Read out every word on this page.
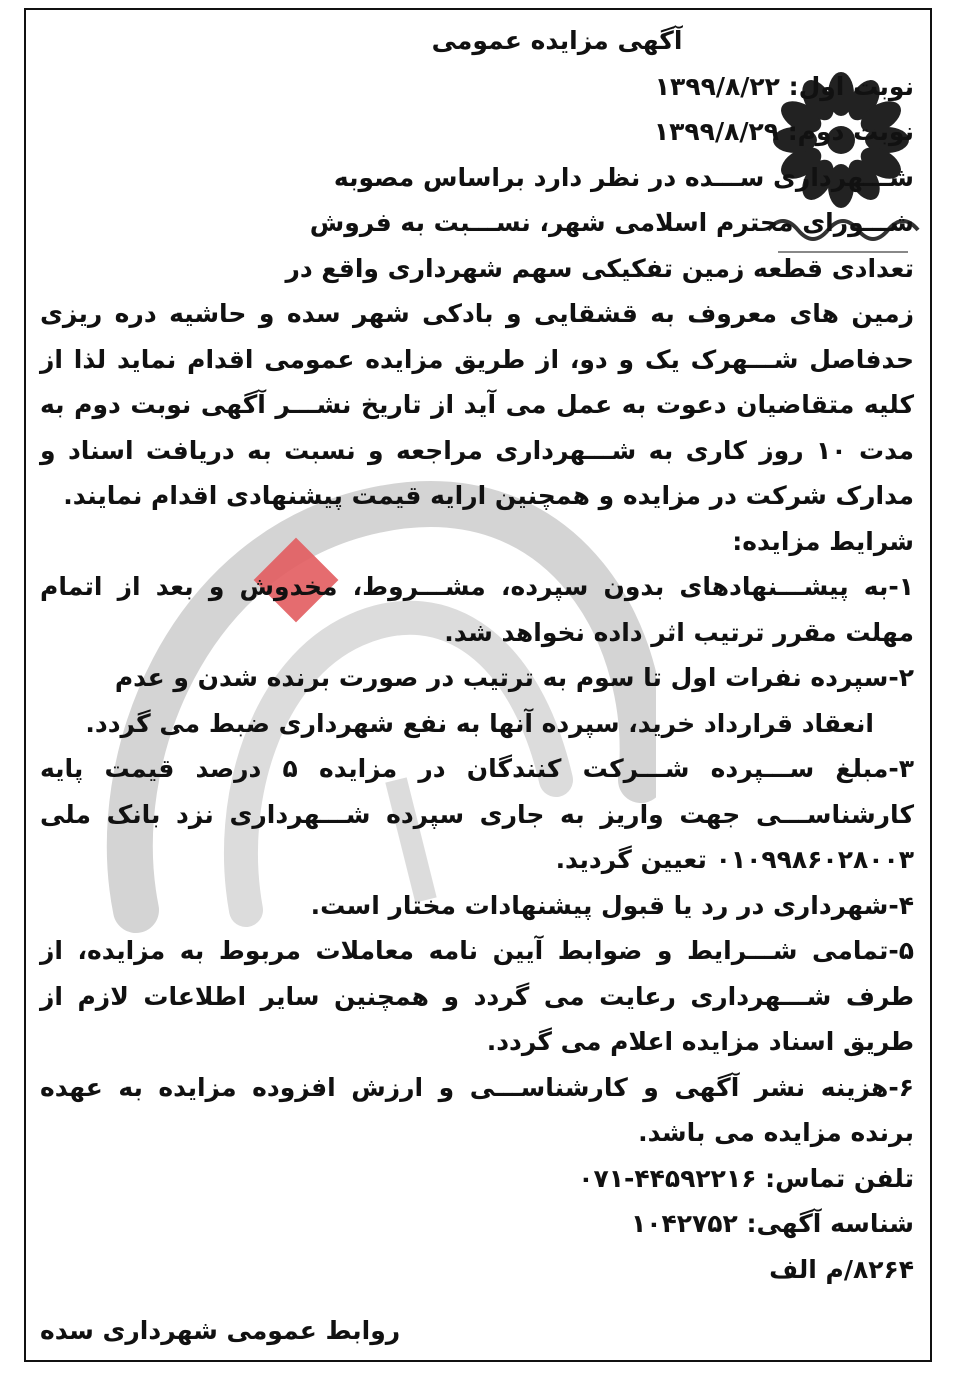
آگهی مزایده عمومی

نوبت اول: ۱۳۹۹/۸/۲۲

نوبت دوم: ۱۳۹۹/۸/۲۹

شـــهرداری ســـده در نظر دارد براساس مصوبه

شـــورای محترم اسلامی شهر، نســـبت به فروش

تعدادی قطعه زمین تفکیکی سهم شهرداری واقع در

زمین های معروف به قشقایی و بادکی شهر سده و حاشیه دره ریزی حدفاصل شـــهرک یک و دو، از طریق مزایده عمومی اقدام نماید لذا از کلیه متقاضیان دعوت به عمل می آید از تاریخ نشـــر آگهی نوبت دوم به مدت ۱۰ روز کاری به شـــهرداری مراجعه و نسبت به دریافت اسناد و مدارک شرکت در مزایده و همچنین ارایه قیمت پیشنهادی اقدام نمایند.

شرایط مزایده:

۱-به پیشـــنهادهای بدون سپرده، مشـــروط، مخدوش و بعد از اتمام مهلت مقرر ترتیب اثر داده نخواهد شد.

۲-سپرده نفرات اول تا سوم به ترتیب در صورت برنده شدن و عدم

انعقاد قرارداد خرید، سپرده آنها به نفع شهرداری ضبط می گردد.

۳-مبلغ ســـپرده شـــرکت کنندگان در مزایده ۵ درصد قیمت پایه کارشناســـی جهت واریز به جاری سپرده شـــهرداری نزد بانک ملی ۰۱۰۹۹۸۶۰۲۸۰۰۳ تعیین گردید.

۴-شهرداری در رد یا قبول پیشنهادات مختار است.

۵-تمامی شـــرایط و ضوابط آیین نامه معاملات مربوط به مزایده، از طرف شـــهرداری رعایت می گردد و همچنین سایر اطلاعات لازم از طریق اسناد مزایده اعلام می گردد.

۶-هزینه نشر آگهی و کارشناســـی و ارزش افزوده مزایده به عهده برنده مزایده می باشد.

تلفن تماس: ۴۴۵۹۲۲۱۶-۰۷۱

شناسه آگهی: ۱۰۴۲۷۵۲

۸۲۶۴/م الف

روابط عمومی شهرداری سده
